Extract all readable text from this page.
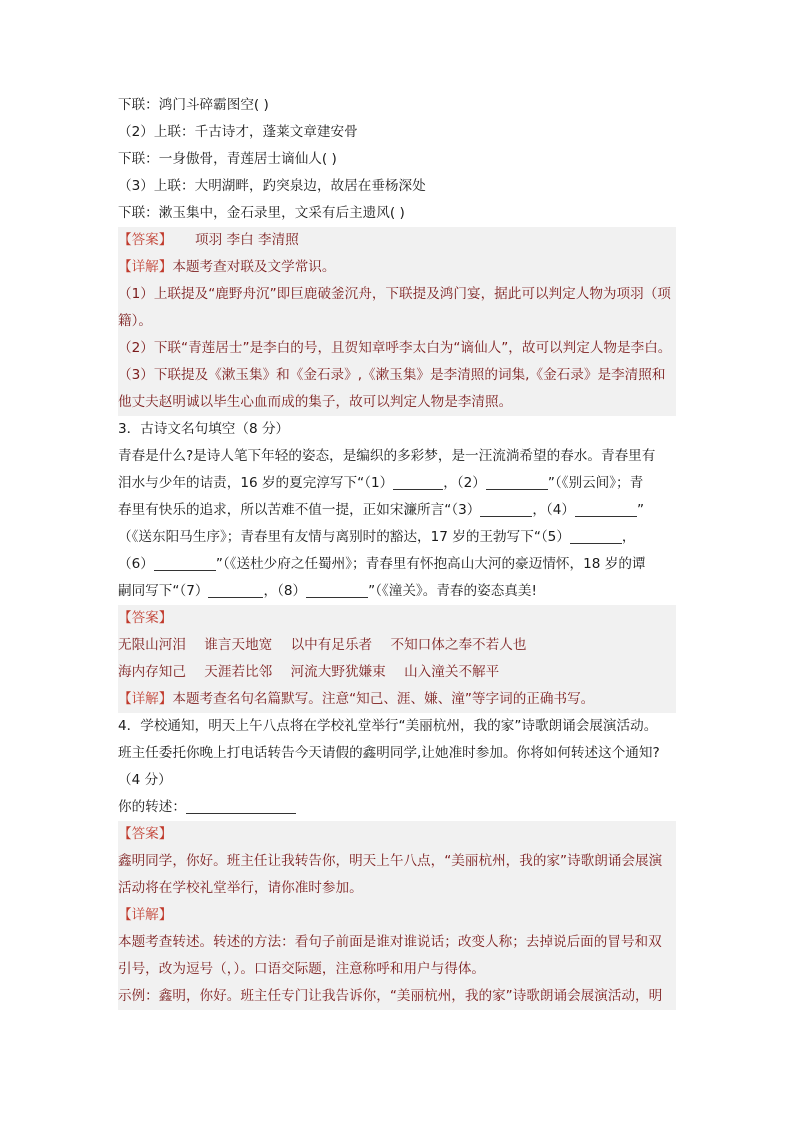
下联：鸿门斗碎霸图空( )
（2）上联：千古诗才，蓬莱文章建安骨
下联：一身傲骨，青莲居士谪仙人( )
（3）上联：大明湖畔，趵突泉边，故居在垂杨深处
下联：漱玉集中，金石录里，文采有后主遗风( )
【答案】 项羽 李白 李清照
【详解】本题考查对联及文学常识。
（1）上联提及“鹿野舟沉”即巨鹿破釜沉舟，下联提及鸿门宴，据此可以判定人物为项羽（项
籍）。
（2）下联“青莲居士”是李白的号，且贺知章呼李太白为“谪仙人”，故可以判定人物是李白。
（3）下联提及《漱玉集》和《金石录》,《漱玉集》是李清照的词集,《金石录》是李清照和
他丈夫赵明诚以毕生心血而成的集子，故可以判定人物是李清照。
3．古诗文名句填空（8 分）
青春是什么?是诗人笔下年轻的姿态，是编织的多彩梦，是一汪流淌希望的春水。青春里有
泪水与少年的诘责，16 岁的夏完淳写下“（1）	，（2）	”（《别云间》；青
春里有快乐的追求，所以苦难不值一提，正如宋濂所言“（3）	，（4）	”
（《送东阳马生序》；青春里有友情与离别时的豁达，17 岁的王勃写下“（5）	，
（6）	”（《送杜少府之任蜀州》；青春里有怀抱高山大河的豪迈情怀，18 岁的谭
嗣同写下“（7）	，（8）	”（《潼关》。青春的姿态真美!
【答案】
无限山河泪 谁言天地宽 以中有足乐者 不知口体之奉不若人也
海内存知己 天涯若比邻 河流大野犹嫌束 山入潼关不解平
【详解】本题考查名句名篇默写。注意“知己、涯、嫌、潼”等字词的正确书写。
4．学校通知，明天上午八点将在学校礼堂举行“美丽杭州，我的家”诗歌朗诵会展演活动。
班主任委托你晚上打电话转告今天请假的鑫明同学,让她准时参加。你将如何转述这个通知?
（4 分）
你的转述：
【答案】
鑫明同学，你好。班主任让我转告你，明天上午八点，“美丽杭州，我的家”诗歌朗诵会展演
活动将在学校礼堂举行，请你准时参加。
【详解】
本题考查转述。转述的方法：看句子前面是谁对谁说话；改变人称；去掉说后面的冒号和双
引号，改为逗号（，）。口语交际题，注意称呼和用户与得体。
示例：鑫明，你好。班主任专门让我告诉你，“美丽杭州，我的家”诗歌朗诵会展演活动，明
